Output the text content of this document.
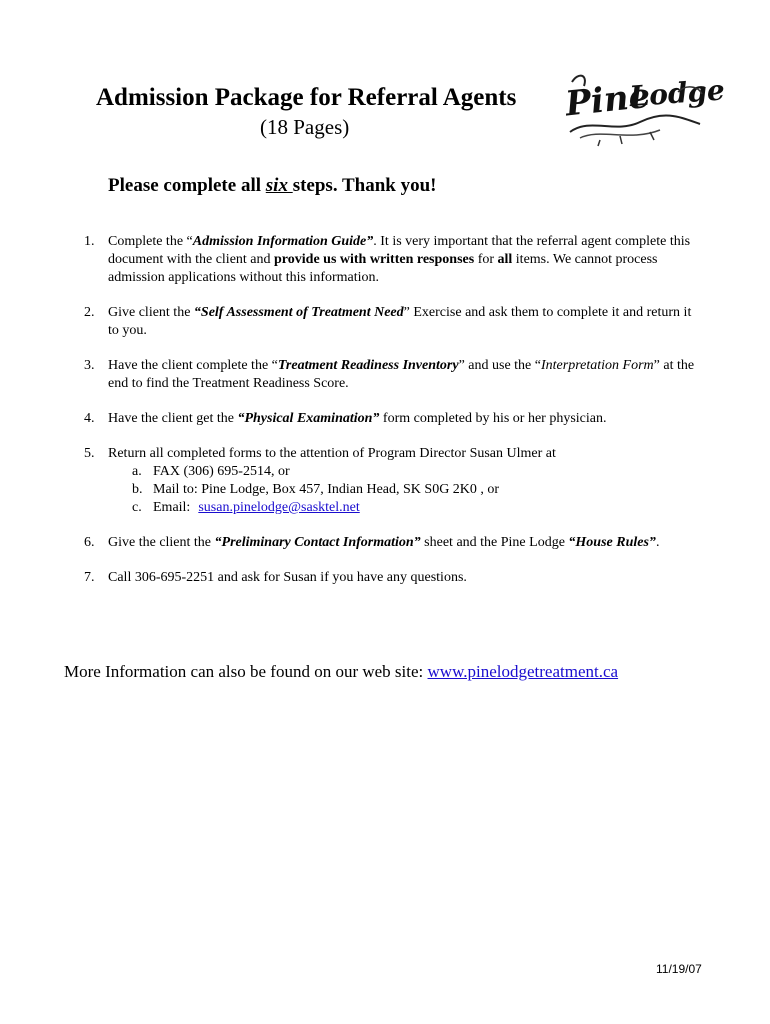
Admission Package for Referral Agents
(18 Pages)
Pine
Lodge
Please complete all six steps. Thank you!
1. Complete the “Admission Information Guide”. It is very important that the referral agent complete this document with the client and provide us with written responses for all items. We cannot process admission applications without this information.
2. Give client the “Self Assessment of Treatment Need” Exercise and ask them to complete it and return it to you.
3. Have the client complete the “Treatment Readiness Inventory” and use the “Interpretation Form” at the end to find the Treatment Readiness Score.
4. Have the client get the “Physical Examination” form completed by his or her physician.
5. Return all completed forms to the attention of Program Director Susan Ulmer at
a. FAX (306) 695-2514, or
b. Mail to: Pine Lodge, Box 457, Indian Head, SK S0G 2K0 , or
c. Email: susan.pinelodge@sasktel.net
6. Give the client the “Preliminary Contact Information” sheet and the Pine Lodge “House Rules”.
7. Call 306-695-2251 and ask for Susan if you have any questions.
More Information can also be found on our web site: www.pinelodgetreatment.ca
11/19/07
